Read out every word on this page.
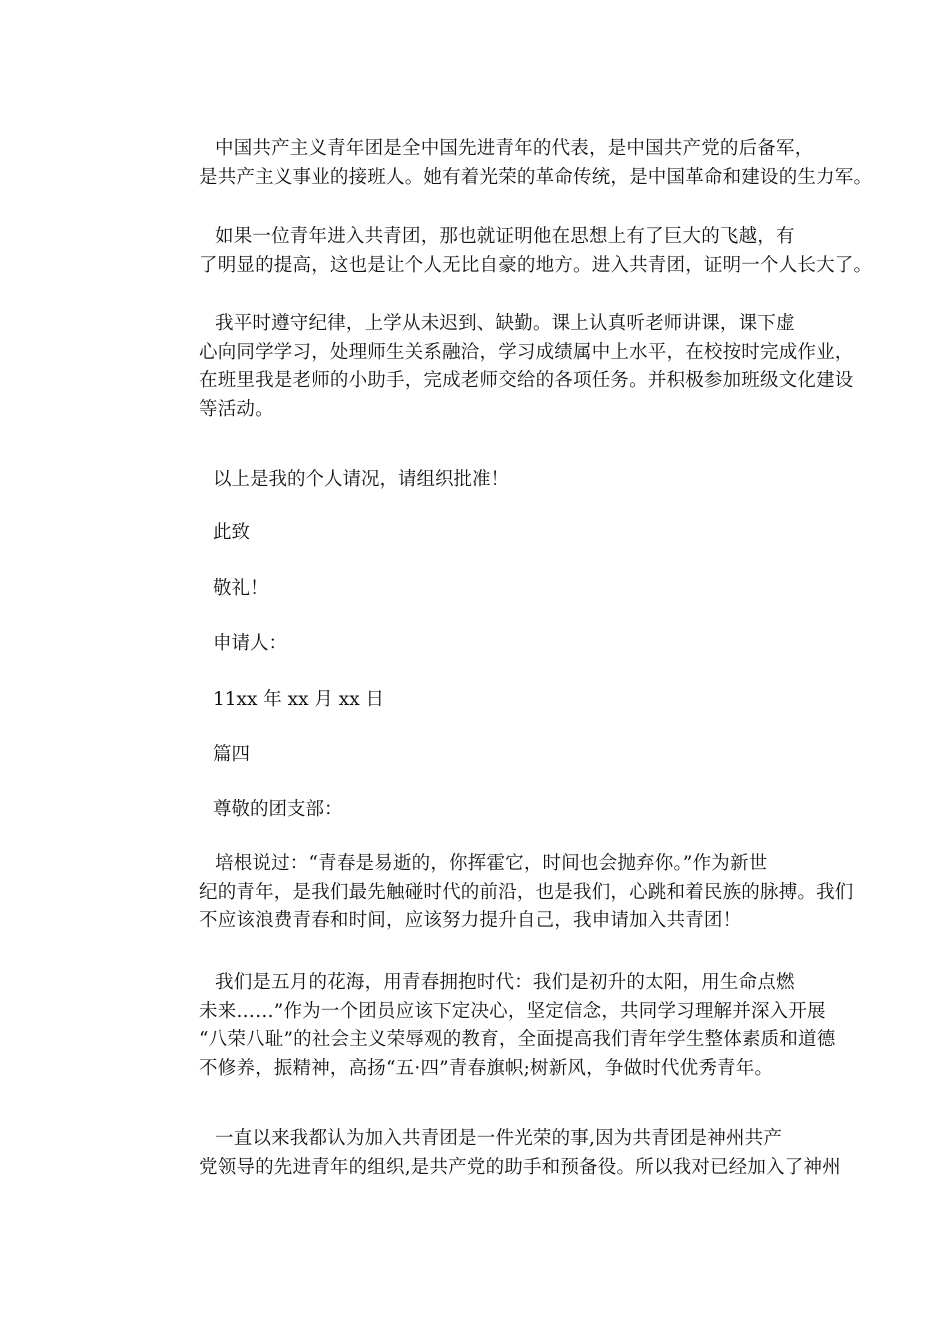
中国共产主义青年团是全中国先进青年的代表，是中国共产党的后备军，
是共产主义事业的接班人。她有着光荣的革命传统，是中国革命和建设的生力军。

如果一位青年进入共青团，那也就证明他在思想上有了巨大的飞越，有
了明显的提高，这也是让个人无比自豪的地方。进入共青团，证明一个人长大了。

我平时遵守纪律，上学从未迟到、缺勤。课上认真听老师讲课，课下虚
心向同学学习，处理师生关系融洽，学习成绩属中上水平，在校按时完成作业，
在班里我是老师的小助手，完成老师交给的各项任务。并积极参加班级文化建设
等活动。

以上是我的个人请况，请组织批准！

此致

敬礼！

申请人：

11xx 年 xx 月 xx 日

篇四

尊敬的团支部：

培根说过：“青春是易逝的，你挥霍它，时间也会抛弃你。”作为新世
纪的青年，是我们最先触碰时代的前沿，也是我们，心跳和着民族的脉搏。我们
不应该浪费青春和时间，应该努力提升自己，我申请加入共青团！

我们是五月的花海，用青春拥抱时代：我们是初升的太阳，用生命点燃
未来……”作为一个团员应该下定决心，坚定信念，共同学习理解并深入开展
“八荣八耻”的社会主义荣辱观的教育，全面提高我们青年学生整体素质和道德
不修养，振精神，高扬“五·四”青春旗帜;树新风，争做时代优秀青年。

一直以来我都认为加入共青团是一件光荣的事,因为共青团是神州共产
党领导的先进青年的组织,是共产党的助手和预备役。所以我对已经加入了神州
